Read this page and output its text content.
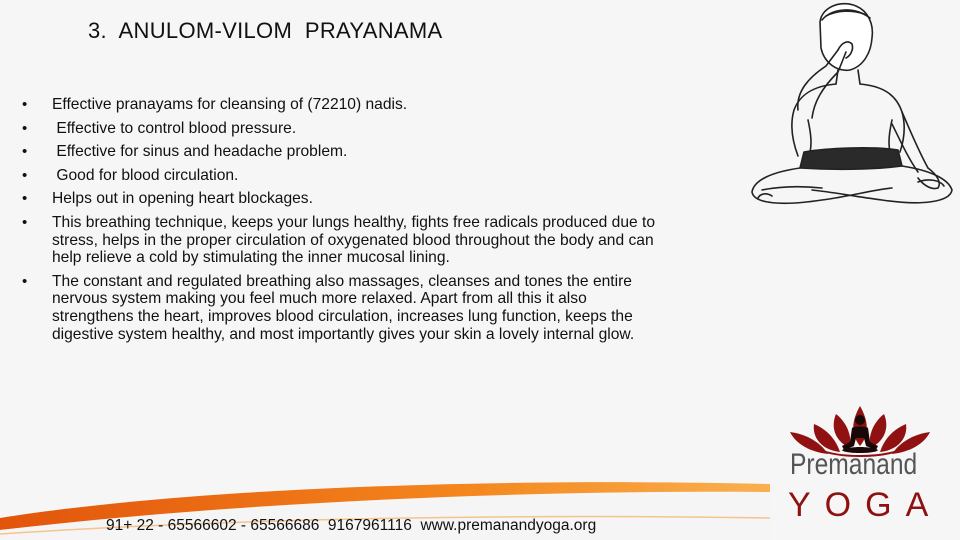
3.  ANULOM-VILOM  PRAYANAMA
• Effective pranayams for cleansing of (72210) nadis.
• Effective to control blood pressure.
• Effective for sinus and headache problem.
• Good for blood circulation.
• Helps out in opening heart blockages.
• This breathing technique, keeps your lungs healthy, fights free radicals produced due to stress, helps in the proper circulation of oxygenated blood throughout the body and can help relieve a cold by stimulating the inner mucosal lining.
• The constant and regulated breathing also massages, cleanses and tones the entire nervous system making you feel much more relaxed. Apart from all this it also strengthens the heart, improves blood circulation, increases lung function, keeps the digestive system healthy, and most importantly gives your skin a lovely internal glow.
Premanand
YOGA
91+ 22 - 65566602 - 65566686  9167961116  www.premanandyoga.org
